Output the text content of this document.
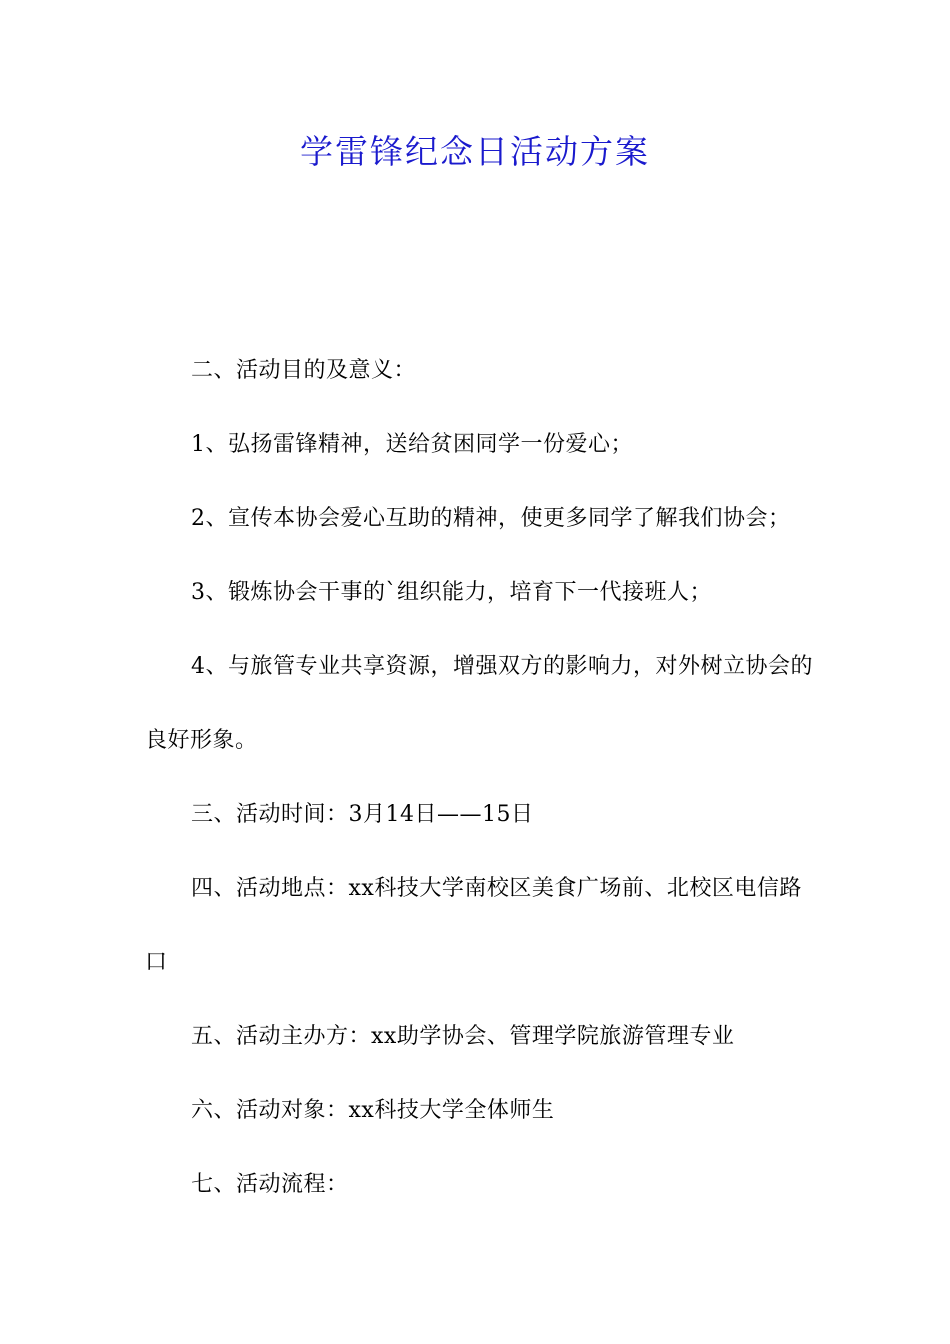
学雷锋纪念日活动方案

二、活动目的及意义：

1、弘扬雷锋精神，送给贫困同学一份爱心；

2、宣传本协会爱心互助的精神，使更多同学了解我们协会；

3、锻炼协会干事的`组织能力，培育下一代接班人；

4、与旅管专业共享资源，增强双方的影响力，对外树立协会的良好形象。

三、活动时间：3月14日——15日

四、活动地点：xx科技大学南校区美食广场前、北校区电信路口

五、活动主办方：xx助学协会、管理学院旅游管理专业

六、活动对象：xx科技大学全体师生

七、活动流程：
